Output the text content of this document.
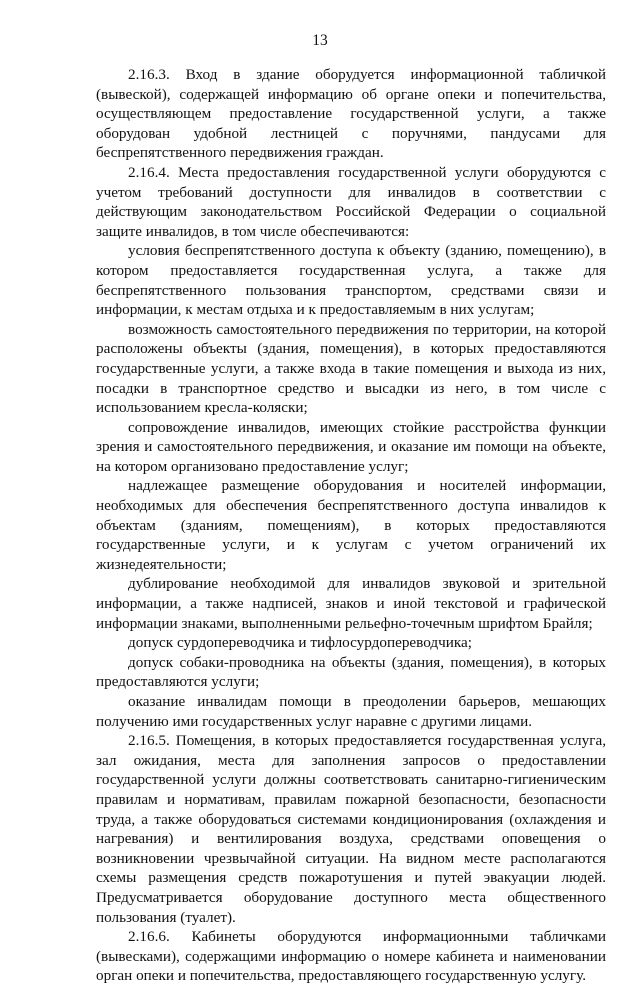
13

2.16.3. Вход в здание оборудуется информационной табличкой (вывеской), содержащей информацию об органе опеки и попечительства, осуществляющем предоставление государственной услуги, а также оборудован удобной лестницей с поручнями, пандусами для беспрепятственного передвижения граждан.

2.16.4. Места предоставления государственной услуги оборудуются с учетом требований доступности для инвалидов в соответствии с действующим законодательством Российской Федерации о социальной защите инвалидов, в том числе обеспечиваются:

условия беспрепятственного доступа к объекту (зданию, помещению), в котором предоставляется государственная услуга, а также для беспрепятственного пользования транспортом, средствами связи и информации, к местам отдыха и к предоставляемым в них услугам;

возможность самостоятельного передвижения по территории, на которой расположены объекты (здания, помещения), в которых предоставляются государственные услуги, а также входа в такие помещения и выхода из них, посадки в транспортное средство и высадки из него, в том числе с использованием кресла-коляски;

сопровождение инвалидов, имеющих стойкие расстройства функции зрения и самостоятельного передвижения, и оказание им помощи на объекте, на котором организовано предоставление услуг;

надлежащее размещение оборудования и носителей информации, необходимых для обеспечения беспрепятственного доступа инвалидов к объектам (зданиям, помещениям), в которых предоставляются государственные услуги, и к услугам с учетом ограничений их жизнедеятельности;

дублирование необходимой для инвалидов звуковой и зрительной информации, а также надписей, знаков и иной текстовой и графической информации знаками, выполненными рельефно-точечным шрифтом Брайля;

допуск сурдопереводчика и тифлосурдопереводчика;

допуск собаки-проводника на объекты (здания, помещения), в которых предоставляются услуги;

оказание инвалидам помощи в преодолении барьеров, мешающих получению ими государственных услуг наравне с другими лицами.

2.16.5. Помещения, в которых предоставляется государственная услуга, зал ожидания, места для заполнения запросов о предоставлении государственной услуги должны соответствовать санитарно-гигиеническим правилам и нормативам, правилам пожарной безопасности, безопасности труда, а также оборудоваться системами кондиционирования (охлаждения и нагревания) и вентилирования воздуха, средствами оповещения о возникновении чрезвычайной ситуации. На видном месте располагаются схемы размещения средств пожаротушения и путей эвакуации людей. Предусматривается оборудование доступного места общественного пользования (туалет).

2.16.6. Кабинеты оборудуются информационными табличками (вывесками), содержащими информацию о номере кабинета и наименовании орган опеки и попечительства, предоставляющего государственную услугу.
